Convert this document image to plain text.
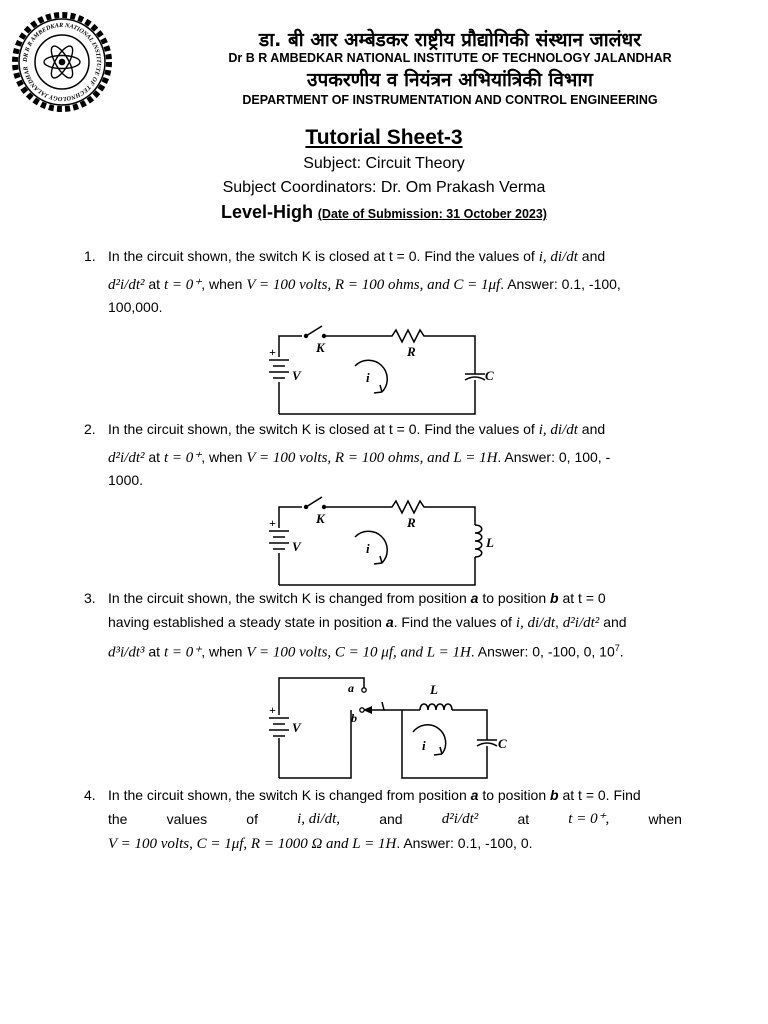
DR B R AMBEDKAR NATIONAL INSTITUTE OF TECHNOLOGY JALANDHAR
डा. बी आर अम्बेडकर राष्ट्रीय प्रौद्योगिकी संस्थान जालंधर
Dr B R AMBEDKAR NATIONAL INSTITUTE OF TECHNOLOGY JALANDHAR
उपकरणीय व नियंत्रन अभियांत्रिकी विभाग
DEPARTMENT OF INSTRUMENTATION AND CONTROL ENGINEERING
Tutorial Sheet-3
Subject: Circuit Theory
Subject Coordinators: Dr. Om Prakash Verma
Level-High (Date of Submission: 31 October 2023)
1. In the circuit shown, the switch K is closed at t = 0. Find the values of i, di/dt and
d²i/dt² at t = 0⁺, when V = 100 volts, R = 100 ohms, and C = 1μf. Answer: 0.1, -100,
100,000.
+	K	R
V	i	C
2. In the circuit shown, the switch K is closed at t = 0. Find the values of i, di/dt and
d²i/dt² at t = 0⁺, when V = 100 volts, R = 100 ohms, and L = 1H. Answer: 0, 100, -
1000.
+	K	R
V	i	L
3. In the circuit shown, the switch K is changed from position a to position b at t = 0
having established a steady state in position a. Find the values of i, di/dt, d²i/dt² and
d³i/dt³ at t = 0⁺, when V = 100 volts, C = 10 μf, and L = 1H. Answer: 0, -100, 0, $10^7$.
+
a
b
V
L
i	C
4. In the circuit shown, the switch K is changed from position a to position b at t = 0. Find
the	values	of	i, di/dt,	and	d²i/dt²	at	t = 0⁺,	when
V = 100 volts, C = 1μf, R = 1000 Ω and L = 1H. Answer: 0.1, -100, 0.
